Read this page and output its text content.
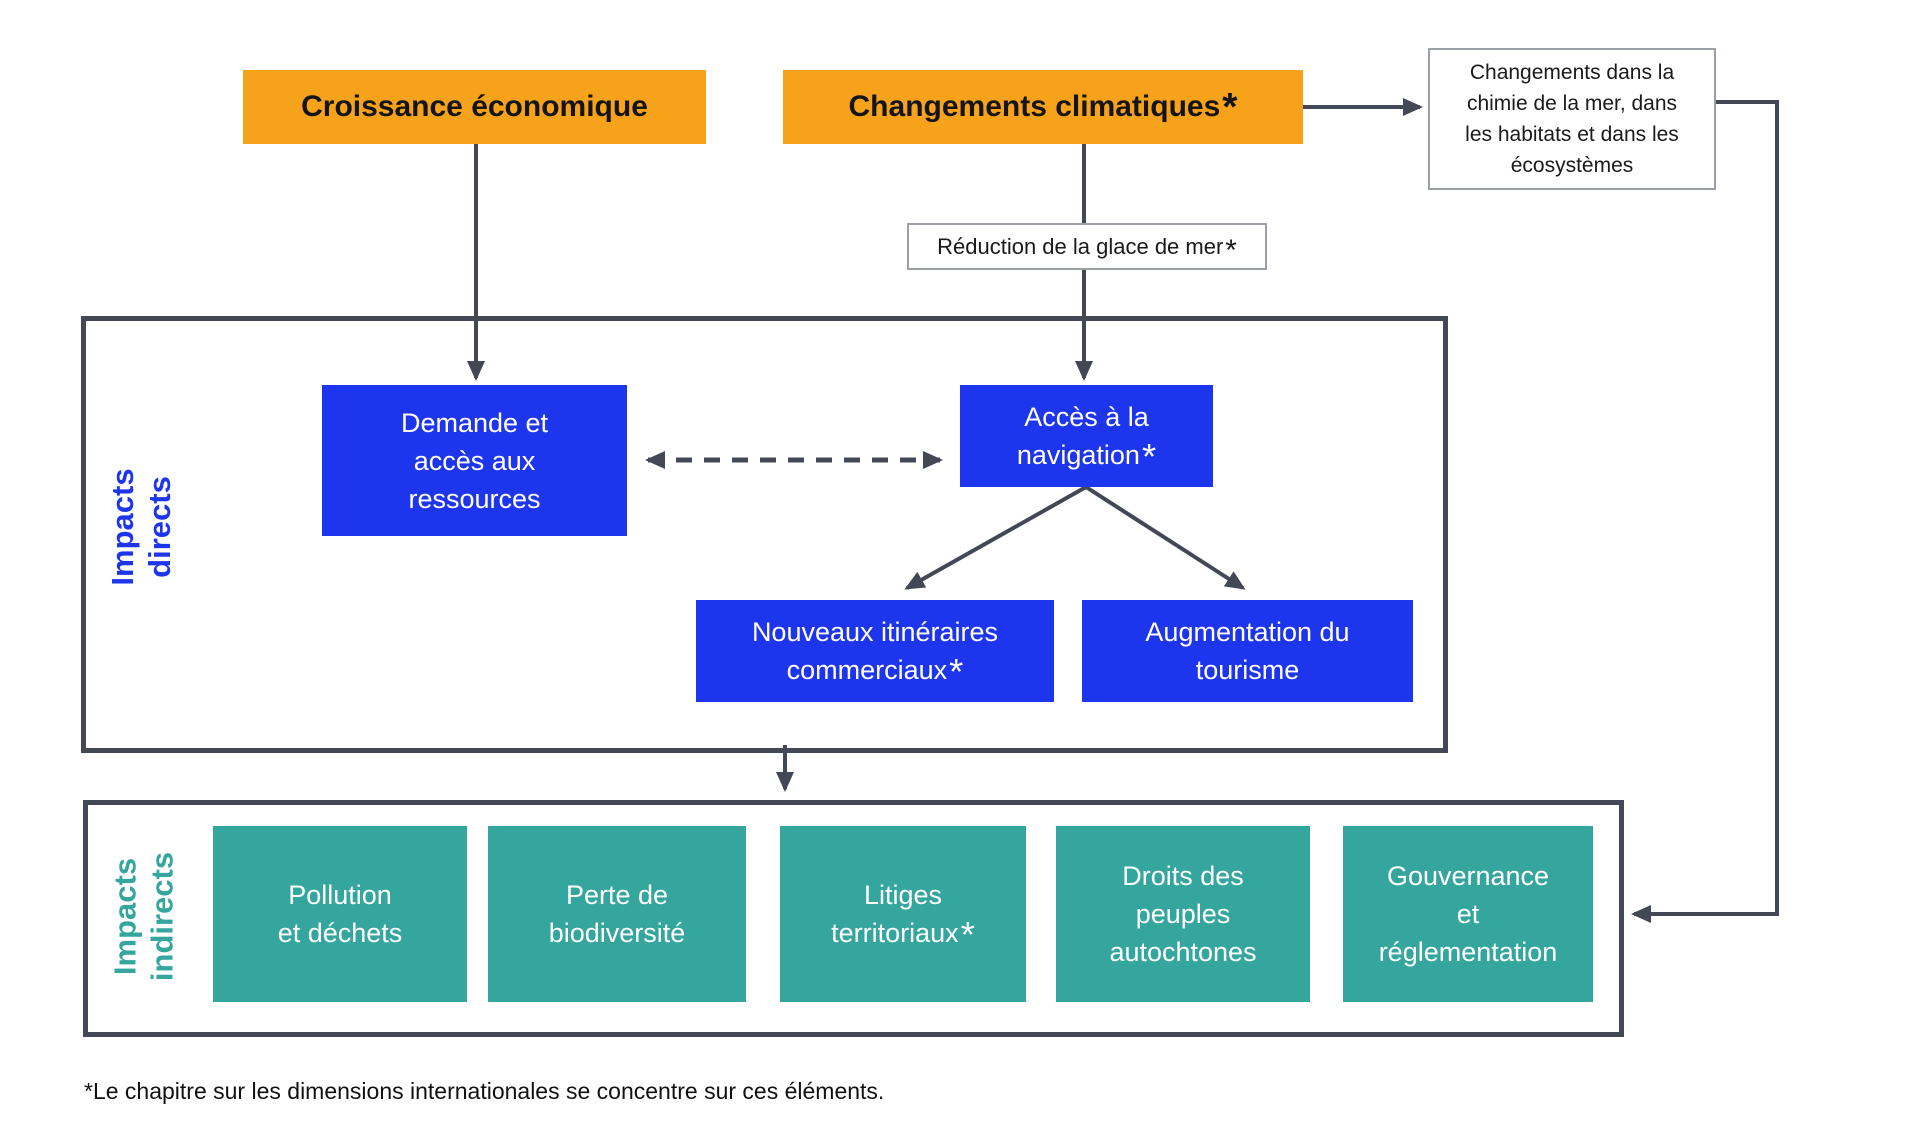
Croissance économique	Changements climatiques*
Changements dans la
chimie de la mer, dans
les habitats et dans les
écosystèmes
Réduction de la glace de mer *
Impacts directs
Demande et
accès aux
ressources
Accès à la
navigation*
Nouveaux itinéraires
commerciaux*
Augmentation du
tourisme
Impacts indirects	Pollution
et déchets
Perte de
biodiversité
Litiges
territoriaux*
Droits des
peuples
autochtones
Gouvernance
et
réglementation
*Le chapitre sur les dimensions internationales se concentre sur ces éléments.
